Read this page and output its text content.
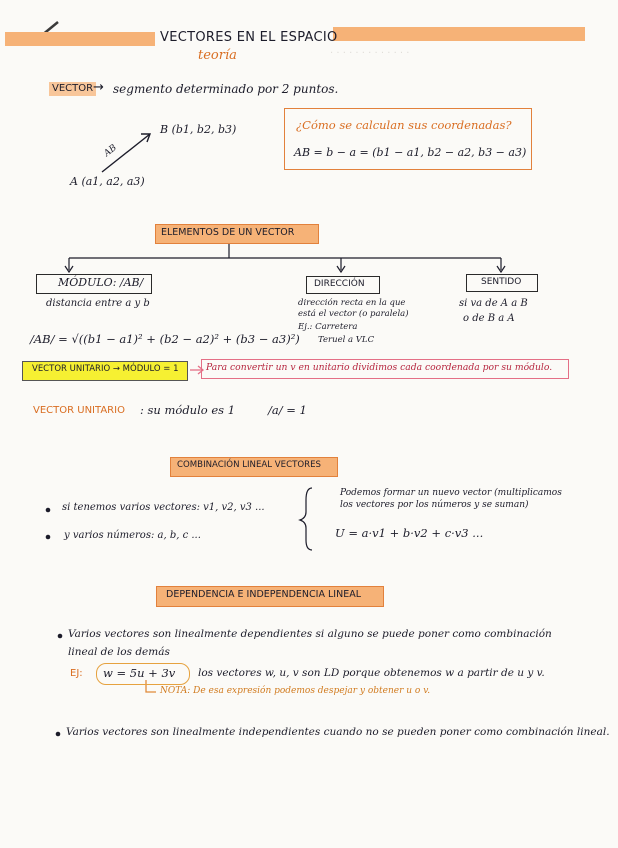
· · · · · · · · · · · · ·
VECTORES EN EL ESPACIO
teoría
VECTOR → segmento determinado por 2 puntos.
AB
B (b1, b2, b3)
A (a1, a2, a3)
¿Cómo se calculan sus coordenadas?
AB = b − a = (b1 − a1, b2 − a2, b3 − a3)
ELEMENTOS DE UN VECTOR
MÓDULO: /AB/
distancia entre a y b
/AB/ = √((b1 − a1)² + (b2 − a2)² + (b3 − a3)²)
DIRECCIÓN
dirección recta en la que
está el vector (o paralela)
Ej.: Carretera
Teruel a VLC
SENTIDO
si va de A a B
o de B a A
VECTOR UNITARIO → MÓDULO = 1	Para convertir un v en unitario dividimos cada coordenada por su módulo.
VECTOR UNITARIO : su módulo es 1	/a/ = 1
COMBINACIÓN LINEAL VECTORES
si tenemos varios vectores: v1, v2, v3 ...
y varios números: a, b, c ...
Podemos formar un nuevo vector (multiplicamos
los vectores por los números y se suman)
U = a·v1 + b·v2 + c·v3 ...
DEPENDENCIA E INDEPENDENCIA LINEAL
Varios vectores son linealmente dependientes si alguno se puede poner como combinación
lineal de los demás
EJ: w = 5u + 3v los vectores w, u, v son LD porque obtenemos w a partir de u y v.
NOTA: De esa expresión podemos despejar y obtener u o v.
Varios vectores son linealmente independientes cuando no se pueden poner como combinación lineal.
